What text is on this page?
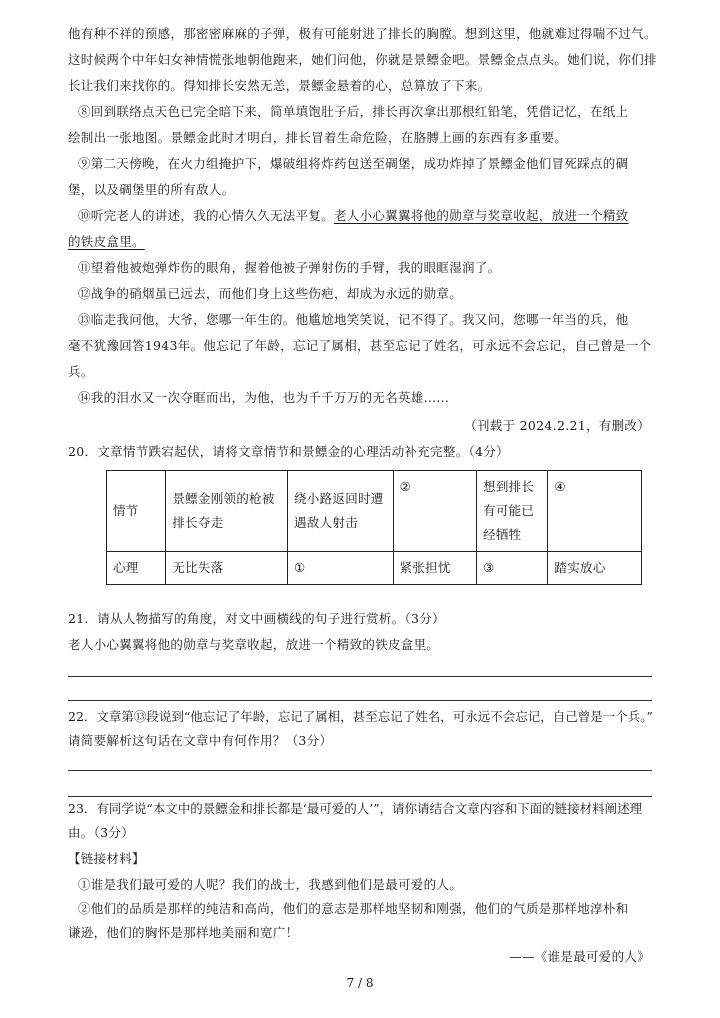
他有种不祥的预感，那密密麻麻的子弹，极有可能射进了排长的胸膛。想到这里，他就难过得喘不过气。
这时候两个中年妇女神情慌张地朝他跑来，她们问他，你就是景鳔金吧。景鳔金点点头。她们说，你们排
长让我们来找你的。得知排长安然无恙，景鳔金悬着的心，总算放了下来。
⑧回到联络点天色已完全暗下来，简单填饱肚子后，排长再次拿出那根红铅笔，凭借记忆，在纸上
绘制出一张地图。景鳔金此时才明白，排长冒着生命危险，在胳膊上画的东西有多重要。
⑨第二天傍晚，在火力组掩护下，爆破组将炸药包送至碉堡，成功炸掉了景鳔金他们冒死踩点的碉
堡，以及碉堡里的所有敌人。
⑩听完老人的讲述，我的心情久久无法平复。老人小心翼翼将他的勋章与奖章收起，放进一个精致
的铁皮盒里。
⑪望着他被炮弹炸伤的眼角，握着他被子弹射伤的手臂，我的眼眶湿润了。
⑫战争的硝烟虽已远去，而他们身上这些伤疤，却成为永远的勋章。
⑬临走我问他，大爷，您哪一年生的。他尴尬地笑笑说，记不得了。我又问，您哪一年当的兵，他
毫不犹豫回答1943年。他忘记了年龄，忘记了属相，甚至忘记了姓名，可永远不会忘记，自己曾是一个
兵。
⑭我的泪水又一次夺眶而出，为他，也为千千万万的无名英雄……
（刊载于 2024.2.21，有删改）
20．文章情节跌宕起伏，请将文章情节和景鳔金的心理活动补充完整。（4分）
情节	景鳔金刚领的枪被排长夺走	绕小路返回时遭遇敌人射击	②	想到排长有可能已经牺牲	④
心理	无比失落	①	紧张担忧	③	踏实放心
21．请从人物描写的角度，对文中画横线的句子进行赏析。（3分）
老人小心翼翼将他的勋章与奖章收起，放进一个精致的铁皮盒里。
22．文章第⑬段说到“他忘记了年龄，忘记了属相，甚至忘记了姓名，可永远不会忘记，自己曾是一个兵。”
请简要解析这句话在文章中有何作用？（3分）
23．有同学说“本文中的景鳔金和排长都是‘最可爱的人’”，请你请结合文章内容和下面的链接材料阐述理
由。（3分）
【链接材料】
①谁是我们最可爱的人呢？我们的战士，我感到他们是最可爱的人。
②他们的品质是那样的纯洁和高尚，他们的意志是那样地坚韧和刚强，他们的气质是那样地淳朴和
谦逊，他们的胸怀是那样地美丽和宽广！
——《谁是最可爱的人》
7 / 8
